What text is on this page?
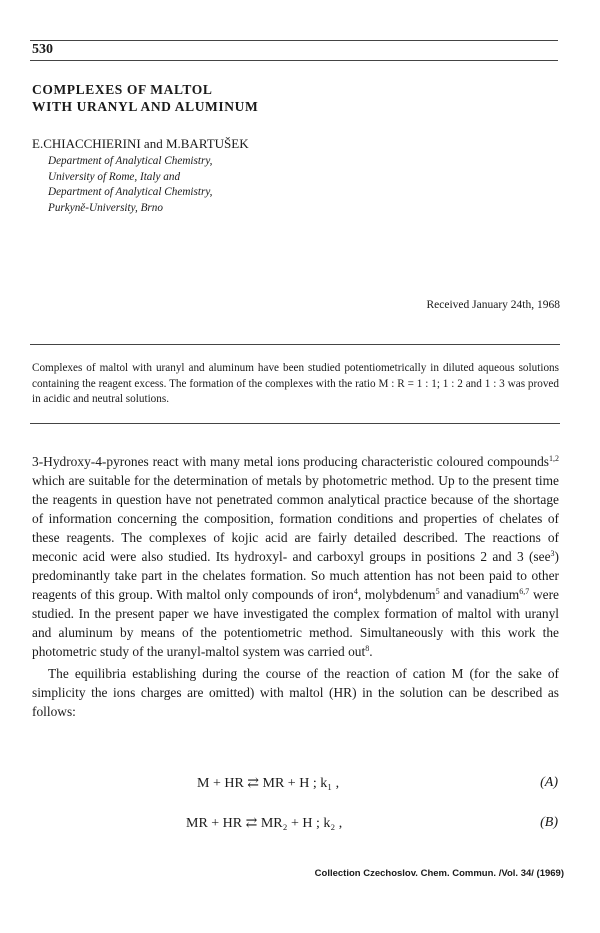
530
COMPLEXES OF MALTOL
WITH URANYL AND ALUMINUM
E.CHIACCHIERINI and M.BARTUŠEK
Department of Analytical Chemistry,
University of Rome, Italy and
Department of Analytical Chemistry,
Purkyně-University, Brno
Received January 24th, 1968
Complexes of maltol with uranyl and aluminum have been studied potentiometrically in diluted aqueous solutions containing the reagent excess. The formation of the complexes with the ratio M : R = 1 : 1; 1 : 2 and 1 : 3 was proved in acidic and neutral solutions.

3-Hydroxy-4-pyrones react with many metal ions producing characteristic coloured compounds$^{1,2}$ which are suitable for the determination of metals by photometric method. Up to the present time the reagents in question have not penetrated common analytical practice because of the shortage of information concerning the composition, formation conditions and properties of chelates of these reagents. The complexes of kojic acid are fairly detailed described. The reactions of meconic acid were also studied. Its hydroxyl- and carboxyl groups in positions 2 and 3 (see$^3$) predominantly take part in the chelates formation. So much attention has not been paid to other reagents of this group. With maltol only compounds of iron$^4$, molybdenum$^5$ and vanadium$^{6,7}$ were studied. In the present paper we have investigated the complex formation of maltol with uranyl and aluminum by means of the potentiometric method. Simultaneously with this work the photometric study of the uranyl-maltol system was carried out$^8$.

The equilibria establishing during the course of the reaction of cation M (for the sake of simplicity the ions charges are omitted) with maltol (HR) in the solution can be described as follows:

M + HR ⇄ MR + H ; k₁ ,	(A)
MR + HR ⇄ MR₂ + H ; k₂ ,	(B)
Collection Czechoslov. Chem. Commun. /Vol. 34/ (1969)
